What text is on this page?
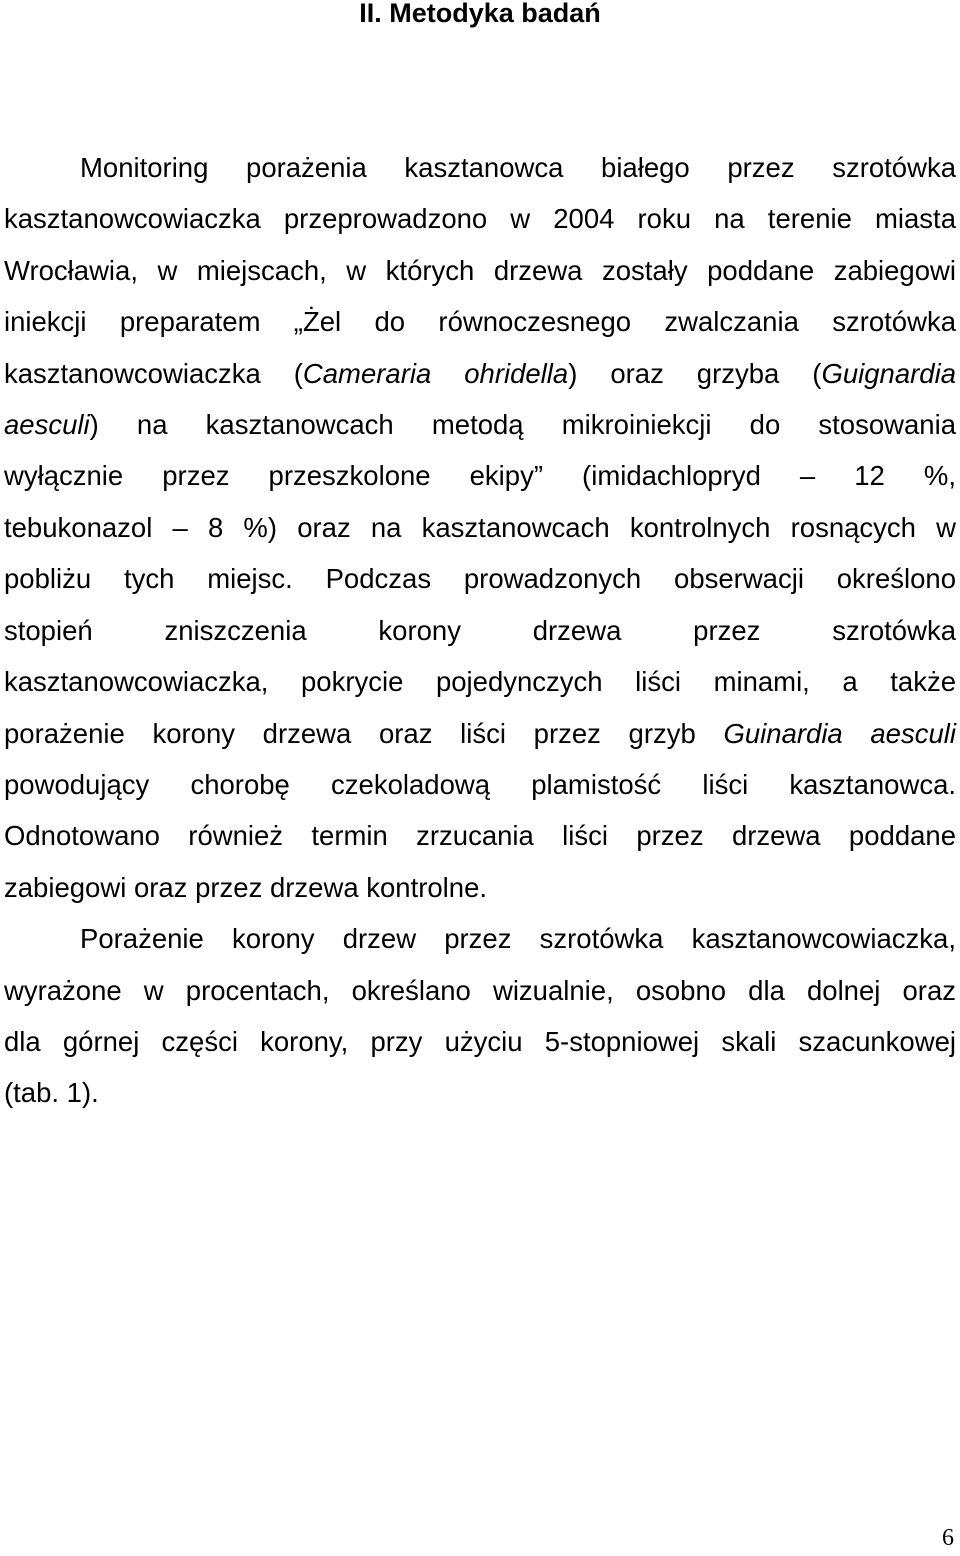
II. Metodyka badań
Monitoring porażenia kasztanowca białego przez szrotówka
kasztanowcowiaczka przeprowadzono w 2004 roku na terenie miasta
Wrocławia, w miejscach, w których drzewa zostały poddane zabiegowi
iniekcji preparatem „Żel do równoczesnego zwalczania szrotówka
kasztanowcowiaczka (Cameraria ohridella) oraz grzyba (Guignardia
aesculi) na kasztanowcach metodą mikroiniekcji do stosowania
wyłącznie przez przeszkolone ekipy” (imidachlopryd – 12 %,
tebukonazol – 8 %) oraz na kasztanowcach kontrolnych rosnących w
pobliżu tych miejsc. Podczas prowadzonych obserwacji określono
stopień zniszczenia korony drzewa przez szrotówka
kasztanowcowiaczka, pokrycie pojedynczych liści minami, a także
porażenie korony drzewa oraz liści przez grzyb Guinardia aesculi
powodujący chorobę czekoladową plamistość liści kasztanowca.
Odnotowano również termin zrzucania liści przez drzewa poddane
zabiegowi oraz przez drzewa kontrolne.
Porażenie korony drzew przez szrotówka kasztanowcowiaczka,
wyrażone w procentach, określano wizualnie, osobno dla dolnej oraz
dla górnej części korony, przy użyciu 5-stopniowej skali szacunkowej
(tab. 1).
6
